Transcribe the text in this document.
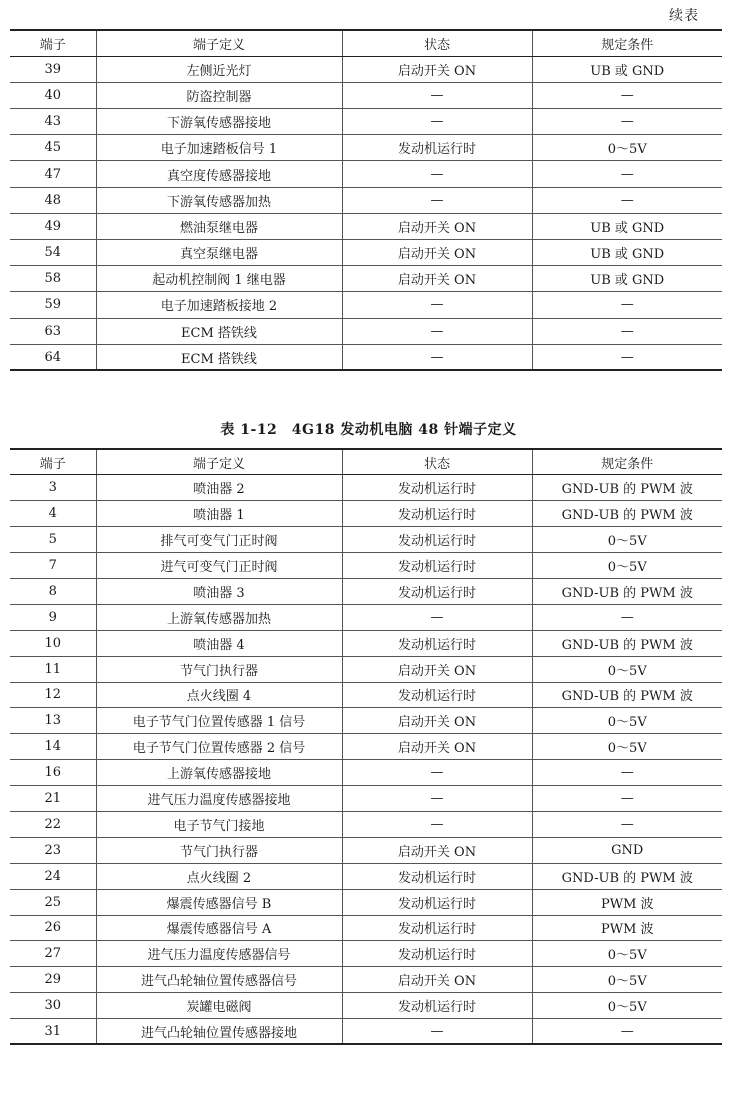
续表
端子	端子定义	状态	规定条件
39	左侧近光灯	启动开关 ON	UB 或 GND
40	防盗控制器	—	—
43	下游氧传感器接地	—	—
45	电子加速踏板信号 1	发动机运行时	0～5V
47	真空度传感器接地	—	—
48	下游氧传感器加热	—	—
49	燃油泵继电器	启动开关 ON	UB 或 GND
54	真空泵继电器	启动开关 ON	UB 或 GND
58	起动机控制阀 1 继电器	启动开关 ON	UB 或 GND
59	电子加速踏板接地 2	—	—
63	ECM 搭铁线	—	—
64	ECM 搭铁线	—	—
表 1-12　4G18 发动机电脑 48 针端子定义
端子	端子定义	状态	规定条件
3	喷油器 2	发动机运行时	GND-UB 的 PWM 波
4	喷油器 1	发动机运行时	GND-UB 的 PWM 波
5	排气可变气门正时阀	发动机运行时	0～5V
7	进气可变气门正时阀	发动机运行时	0～5V
8	喷油器 3	发动机运行时	GND-UB 的 PWM 波
9	上游氧传感器加热	—	—
10	喷油器 4	发动机运行时	GND-UB 的 PWM 波
11	节气门执行器	启动开关 ON	0～5V
12	点火线圈 4	发动机运行时	GND-UB 的 PWM 波
13	电子节气门位置传感器 1 信号	启动开关 ON	0～5V
14	电子节气门位置传感器 2 信号	启动开关 ON	0～5V
16	上游氧传感器接地	—	—
21	进气压力温度传感器接地	—	—
22	电子节气门接地	—	—
23	节气门执行器	启动开关 ON	GND
24	点火线圈 2	发动机运行时	GND-UB 的 PWM 波
25	爆震传感器信号 B	发动机运行时	PWM 波
26	爆震传感器信号 A	发动机运行时	PWM 波
27	进气压力温度传感器信号	发动机运行时	0～5V
29	进气凸轮轴位置传感器信号	启动开关 ON	0～5V
30	炭罐电磁阀	发动机运行时	0～5V
31	进气凸轮轴位置传感器接地	—	—
